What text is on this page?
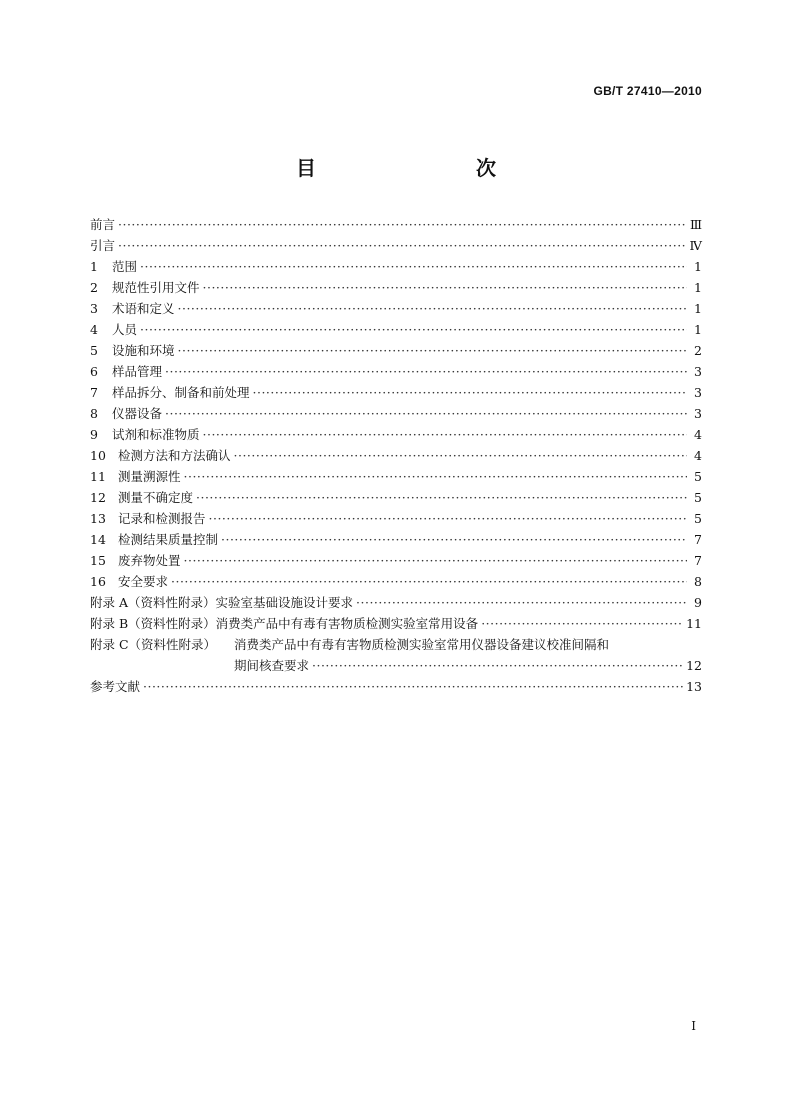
GB/T 27410—2010
目　　次
前言 ·····	Ⅲ
引言 ·····	Ⅳ
1	范围 ·····	1
2	规范性引用文件 ·····	1
3	术语和定义 ·····	1
4	人员 ·····	1
5	设施和环境 ·····	2
6	样品管理 ·····	3
7	样品拆分、制备和前处理 ·····	3
8	仪器设备 ·····	3
9	试剂和标准物质 ·····	4
10 检测方法和方法确认 ·····	4
11 测量溯源性 ·····	5
12 测量不确定度 ·····	5
13 记录和检测报告 ·····	5
14 检测结果质量控制 ·····	7
15 废弃物处置 ·····	7
16 安全要求 ·····	8
附录 A（资料性附录） 实验室基础设施设计要求 ·····	9
附录 B（资料性附录） 消费类产品中有毒有害物质检测实验室常用设备 ·····	11
附录 C（资料性附录）	消费类产品中有毒有害物质检测实验室常用仪器设备建议校准间隔和
期间核查要求 ·····	12
参考文献 ·····	13
I
